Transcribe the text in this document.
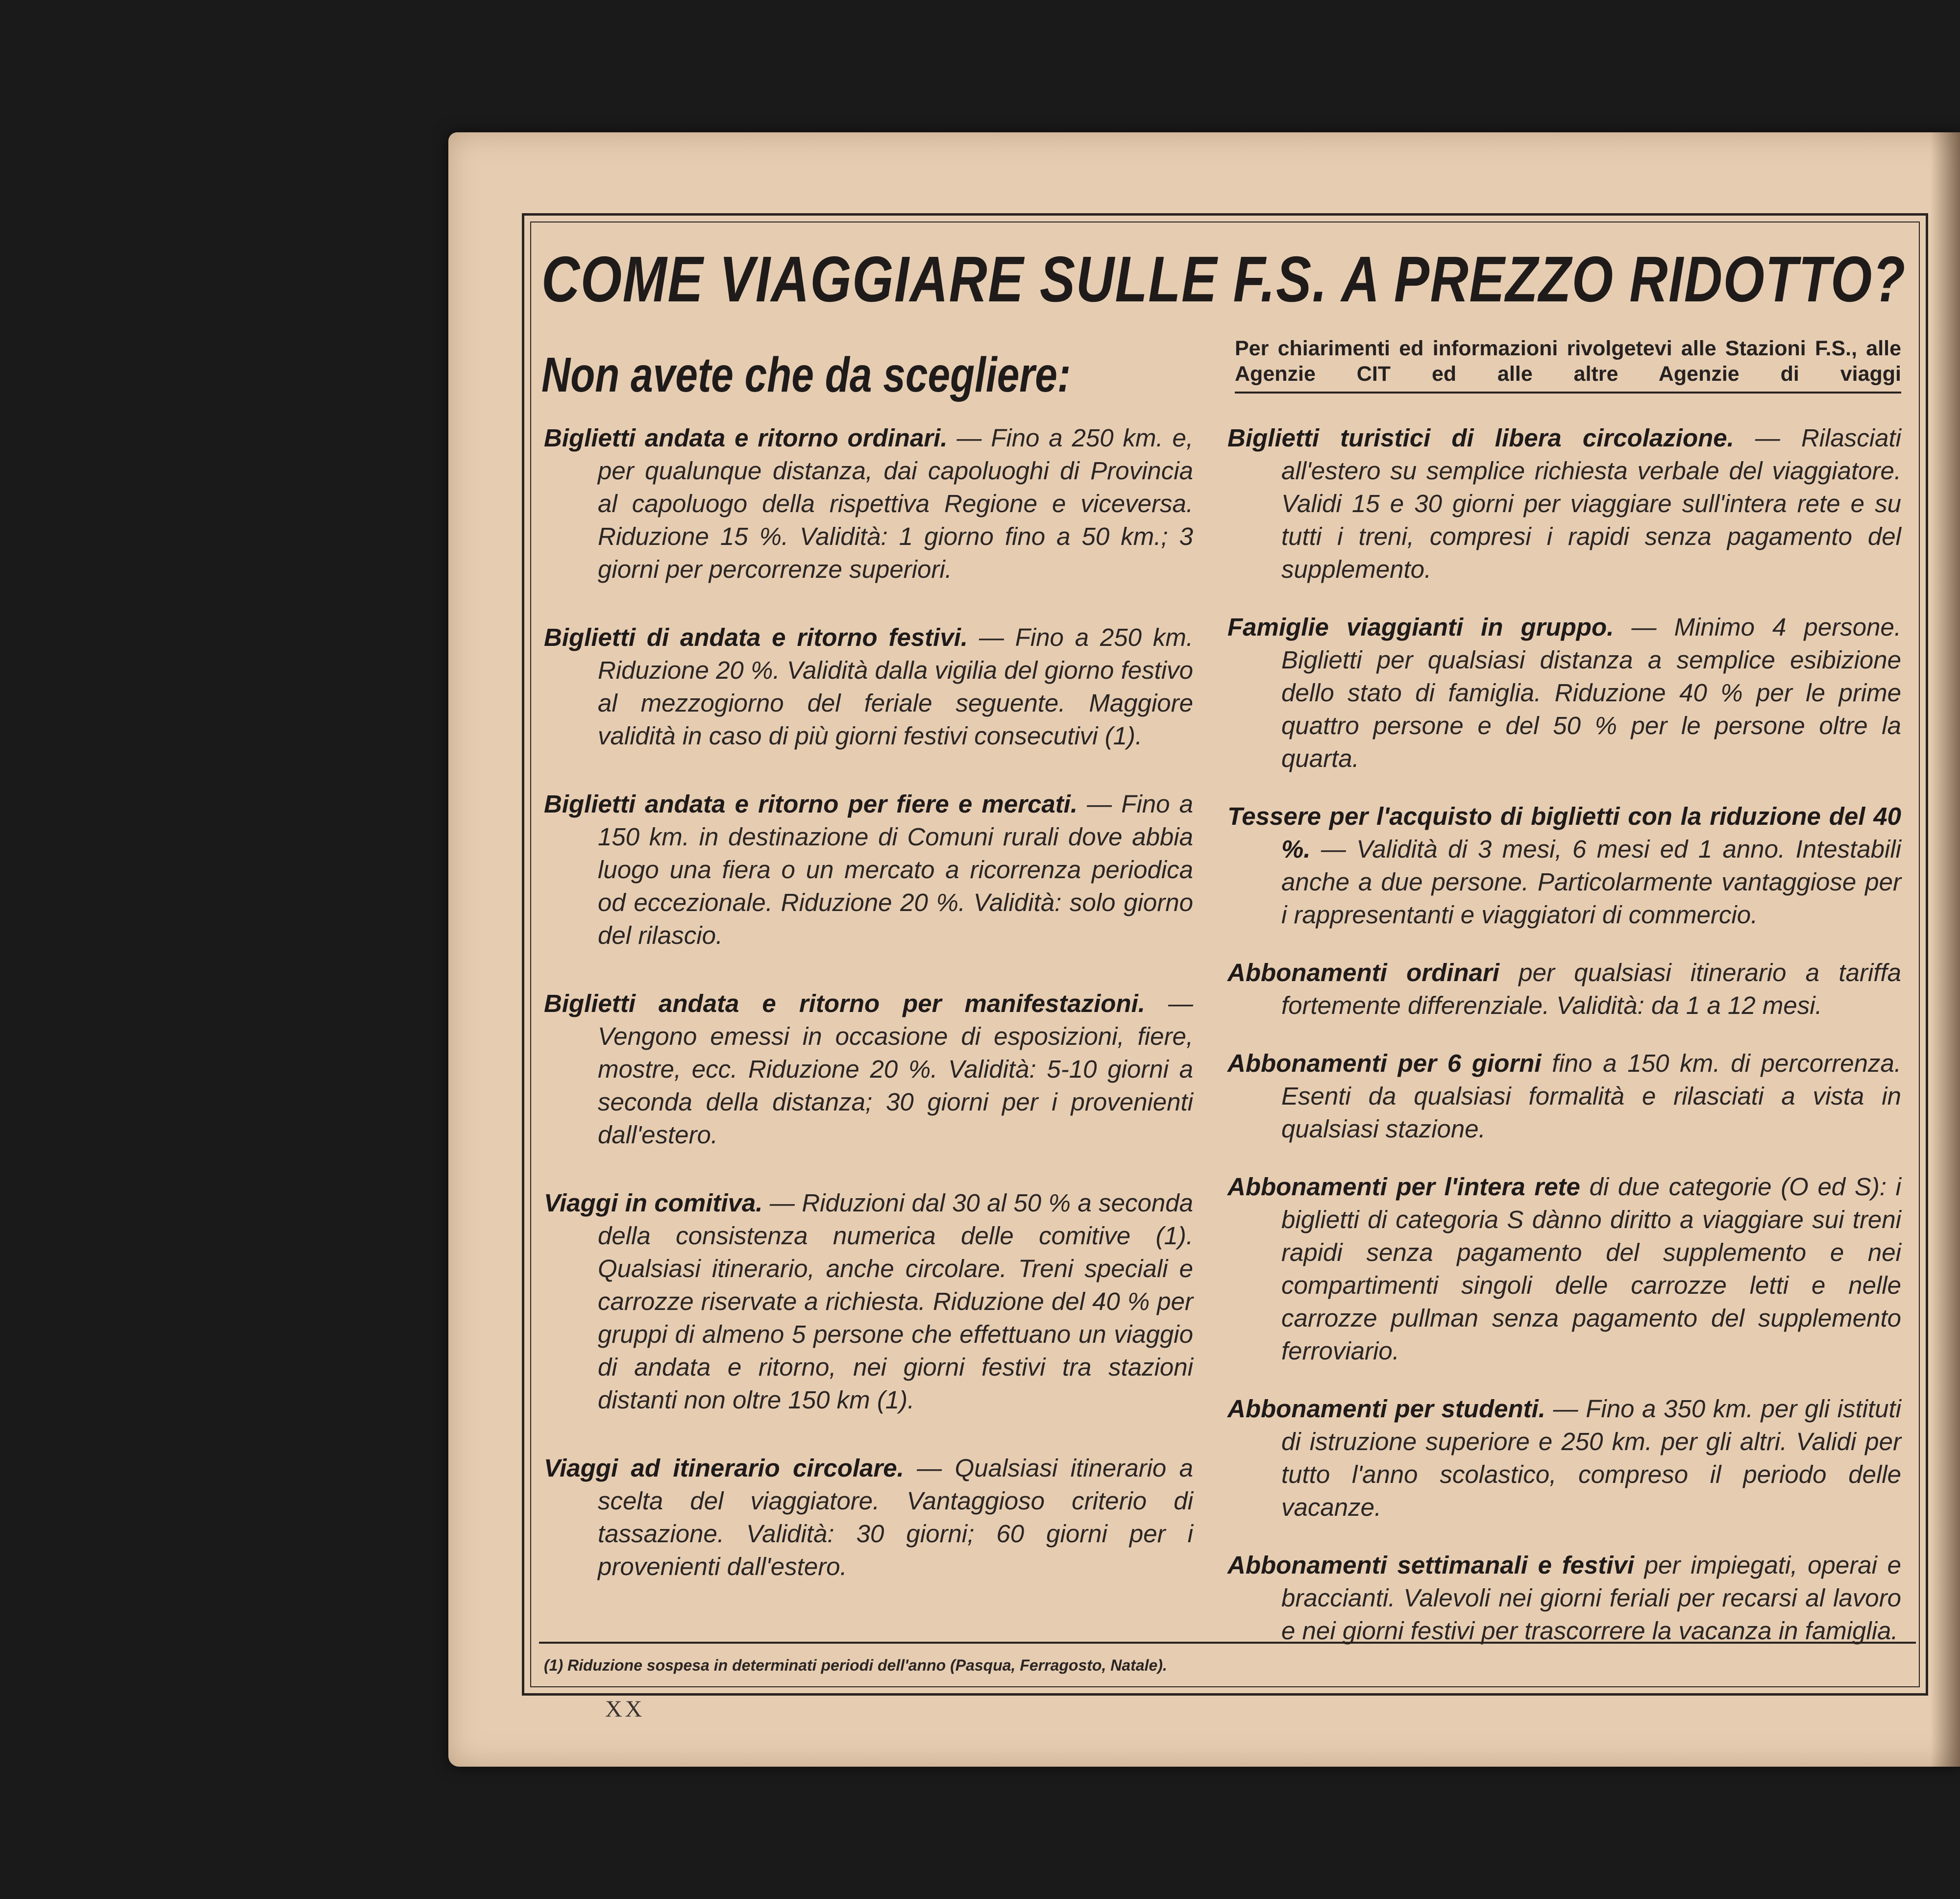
COME VIAGGIARE SULLE F.S. A PREZZO RIDOTTO?
Non avete che da scegliere:	Per chiarimenti ed informazioni rivolgetevi alle Stazioni F.S., alle Agenzie CIT ed alle altre Agenzie di viaggi

Biglietti andata e ritorno ordinari. — Fino a 250 km. e, per qualunque distanza, dai capoluoghi di Provincia al capoluogo della rispettiva Regione e viceversa. Riduzione 15 %. Validità: 1 giorno fino a 50 km.; 3 giorni per percorrenze superiori.

Biglietti di andata e ritorno festivi. — Fino a 250 km. Riduzione 20 %. Validità dalla vigilia del giorno festivo al mezzogiorno del feriale seguente. Maggiore validità in caso di più giorni festivi consecutivi (1).

Biglietti andata e ritorno per fiere e mercati. — Fino a 150 km. in destinazione di Comuni rurali dove abbia luogo una fiera o un mercato a ricorrenza periodica od eccezionale. Riduzione 20 %. Validità: solo giorno del rilascio.

Biglietti andata e ritorno per manifestazioni. — Vengono emessi in occasione di esposizioni, fiere, mostre, ecc. Riduzione 20 %. Validità: 5-10 giorni a seconda della distanza; 30 giorni per i provenienti dall'estero.

Viaggi in comitiva. — Riduzioni dal 30 al 50 % a seconda della consistenza numerica delle comitive (1). Qualsiasi itinerario, anche circolare. Treni speciali e carrozze riservate a richiesta. Riduzione del 40 % per gruppi di almeno 5 persone che effettuano un viaggio di andata e ritorno, nei giorni festivi tra stazioni distanti non oltre 150 km (1).

Viaggi ad itinerario circolare. — Qualsiasi itinerario a scelta del viaggiatore. Vantaggioso criterio di tassazione. Validità: 30 giorni; 60 giorni per i provenienti dall'estero.

Biglietti turistici di libera circolazione. — Rilasciati all'estero su semplice richiesta verbale del viaggiatore. Validi 15 e 30 giorni per viaggiare sull'intera rete e su tutti i treni, compresi i rapidi senza pagamento del supplemento.

Famiglie viaggianti in gruppo. — Minimo 4 persone. Biglietti per qualsiasi distanza a semplice esibizione dello stato di famiglia. Riduzione 40 % per le prime quattro persone e del 50 % per le persone oltre la quarta.

Tessere per l'acquisto di biglietti con la riduzione del 40 %. — Validità di 3 mesi, 6 mesi ed 1 anno. Intestabili anche a due persone. Particolarmente vantaggiose per i rappresentanti e viaggiatori di commercio.

Abbonamenti ordinari per qualsiasi itinerario a tariffa fortemente differenziale. Validità: da 1 a 12 mesi.

Abbonamenti per 6 giorni fino a 150 km. di percorrenza. Esenti da qualsiasi formalità e rilasciati a vista in qualsiasi stazione.

Abbonamenti per l'intera rete di due categorie (O ed S): i biglietti di categoria S dànno diritto a viaggiare sui treni rapidi senza pagamento del supplemento e nei compartimenti singoli delle carrozze letti e nelle carrozze pullman senza pagamento del supplemento ferroviario.

Abbonamenti per studenti. — Fino a 350 km. per gli istituti di istruzione superiore e 250 km. per gli altri. Validi per tutto l'anno scolastico, compreso il periodo delle vacanze.

Abbonamenti settimanali e festivi per impiegati, operai e braccianti. Valevoli nei giorni feriali per recarsi al lavoro e nei giorni festivi per trascorrere la vacanza in famiglia.

(1) Riduzione sospesa in determinati periodi dell'anno (Pasqua, Ferragosto, Natale).
XX
